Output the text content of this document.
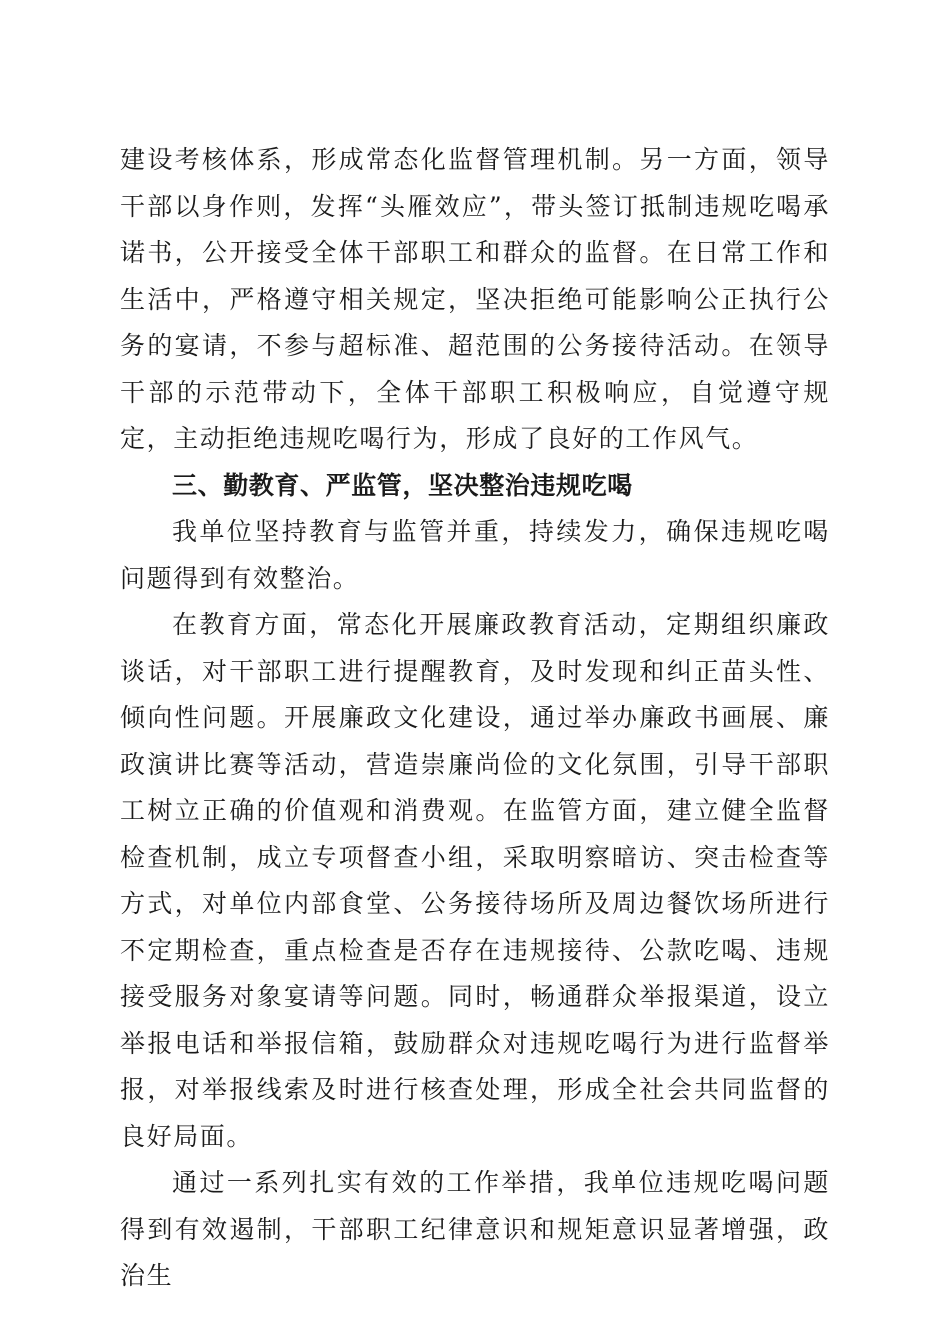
建设考核体系，形成常态化监督管理机制。另一方面，领导干部以身作则，发挥“头雁效应”，带头签订抵制违规吃喝承诺书，公开接受全体干部职工和群众的监督。在日常工作和生活中，严格遵守相关规定，坚决拒绝可能影响公正执行公务的宴请，不参与超标准、超范围的公务接待活动。在领导干部的示范带动下，全体干部职工积极响应，自觉遵守规定，主动拒绝违规吃喝行为，形成了良好的工作风气。

三、勤教育、严监管，坚决整治违规吃喝

我单位坚持教育与监管并重，持续发力，确保违规吃喝问题得到有效整治。

在教育方面，常态化开展廉政教育活动，定期组织廉政谈话，对干部职工进行提醒教育，及时发现和纠正苗头性、倾向性问题。开展廉政文化建设，通过举办廉政书画展、廉政演讲比赛等活动，营造崇廉尚俭的文化氛围，引导干部职工树立正确的价值观和消费观。在监管方面，建立健全监督检查机制，成立专项督查小组，采取明察暗访、突击检查等方式，对单位内部食堂、公务接待场所及周边餐饮场所进行不定期检查，重点检查是否存在违规接待、公款吃喝、违规接受服务对象宴请等问题。同时，畅通群众举报渠道，设立举报电话和举报信箱，鼓励群众对违规吃喝行为进行监督举报，对举报线索及时进行核查处理，形成全社会共同监督的良好局面。

通过一系列扎实有效的工作举措，我单位违规吃喝问题得到有效遏制，干部职工纪律意识和规矩意识显著增强，政治生
